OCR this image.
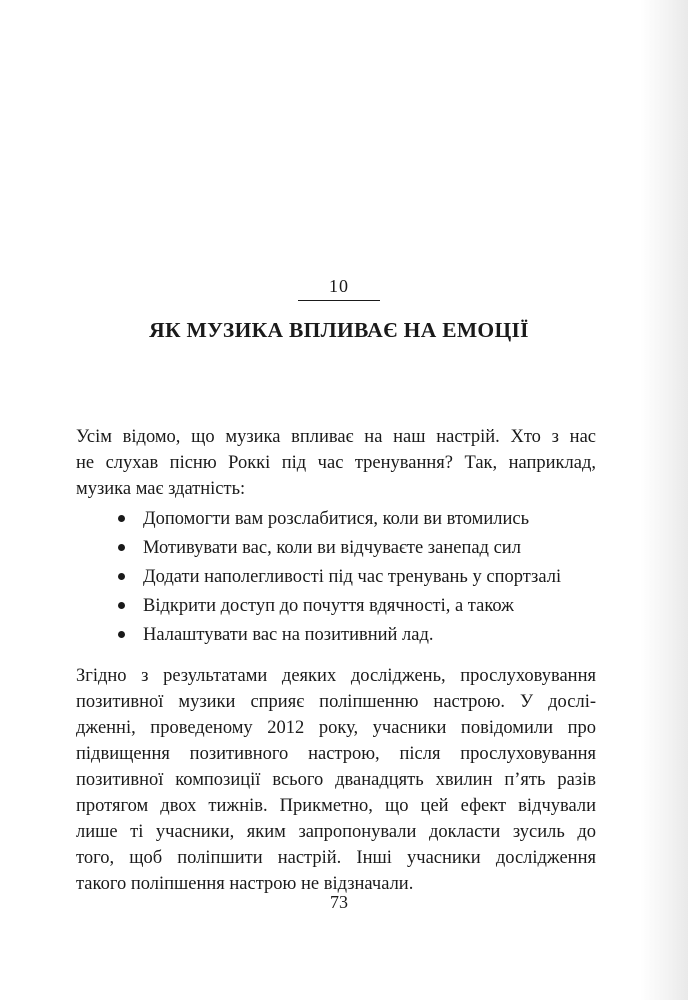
10
ЯК МУЗИКА ВПЛИВАЄ НА ЕМОЦІЇ
Усім відомо, що музика впливає на наш настрій. Хто з нас
не слухав пісню Роккі під час тренування? Так, наприклад,
музика має здатність:
Допомогти вам розслабитися, коли ви втомились
Мотивувати вас, коли ви відчуваєте занепад сил
Додати наполегливості під час тренувань у спортзалі
Відкрити доступ до почуття вдячності, а також
Налаштувати вас на позитивний лад.
Згідно з результатами деяких досліджень, прослуховування
позитивної музики сприяє поліпшенню настрою. У дослі-
дженні, проведеному 2012 року, учасники повідомили про
підвищення позитивного настрою, після прослуховування
позитивної композиції всього дванадцять хвилин п’ять разів
протягом двох тижнів. Прикметно, що цей ефект відчували
лише ті учасники, яким запропонували докласти зусиль до
того, щоб поліпшити настрій. Інші учасники дослідження
такого поліпшення настрою не відзначали.
73
